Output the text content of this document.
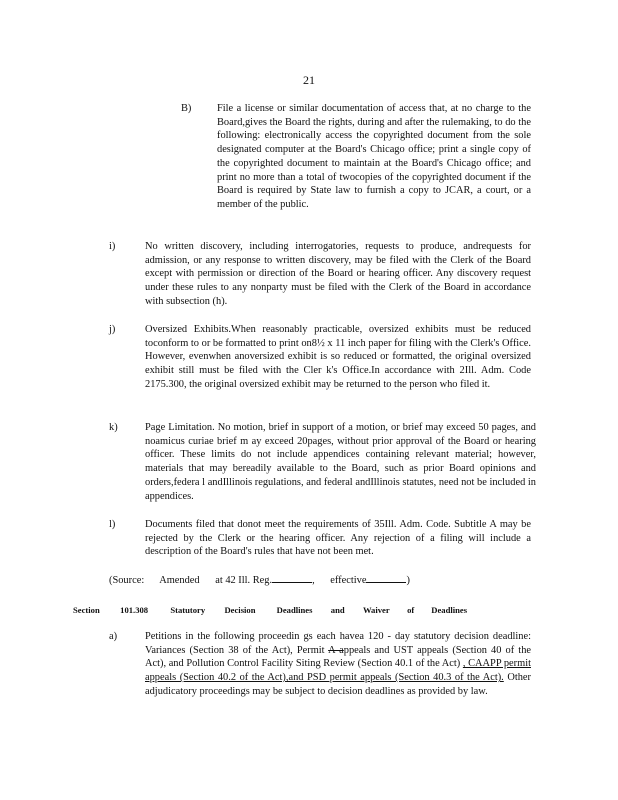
21
B) File a license or similar documentation of access that, at no charge to the Board,gives the Board the rights, during and after the rulemaking, to do the following: electronically access the copyrighted document from the sole designated computer at the Board's Chicago office; print a single copy of the copyrighted document to maintain at the Board's Chicago office; and print no more than a total of twocopies of the copyrighted document if the Board is required by State law to furnish a copy to JCAR, a court, or a member of the public.

i)	No written discovery, including interrogatories, requests to produce, andrequests for admission, or any response to written discovery, may be filed with the Clerk of the Board except with permission or direction of the Board or hearing officer. Any discovery request under these rules to any nonparty must be filed with the Clerk of the Board in accordance with subsection (h).

j)	Oversized Exhibits.When reasonably practicable, oversized exhibits must be reduced toconform to or be formatted to print on8½ x 11 inch paper for filing with the Clerk's Office. However, evenwhen anoversized exhibit is so reduced or formatted, the original oversized exhibit still must be filed with the Cler k's Office.In accordance with 2Ill. Adm. Code 2175.300, the original oversized exhibit may be returned to the person who filed it.

k)	Page Limitation. No motion, brief in support of a motion, or brief may exceed 50 pages, and noamicus curiae brief m ay exceed 20pages, without prior approval of the Board or hearing officer. These limits do not include appendices containing relevant material; however, materials that may bereadily available to the Board, such as prior Board opinions and orders,federa l andIllinois regulations, and federal andIllinois statutes, need not be included in appendices.

l)	Documents filed that donot meet the requirements of 35Ill. Adm. Code. Subtitle A may be rejected by the Clerk or the hearing officer. Any rejection of a filing will include a description of the Board's rules that have not been met.

(Source: Amended at 42 Ill. Reg.	, effective	)
Section 101.308	Statutory Decision Deadlines and Waiver of Deadlines
a)	Petitions in the following proceedin gs each havea 120 - day statutory decision deadline: Variances (Section 38 of the Act), Permit A appeals and UST appeals (Section 40 of the Act), and Pollution Control Facility Siting Review (Section 40.1 of the Act) , CAAPP permit appeals (Section 40.2 of the Act),and PSD permit appeals (Section 40.3 of the Act). Other adjudicatory proceedings may be subject to decision deadlines as provided by law.
